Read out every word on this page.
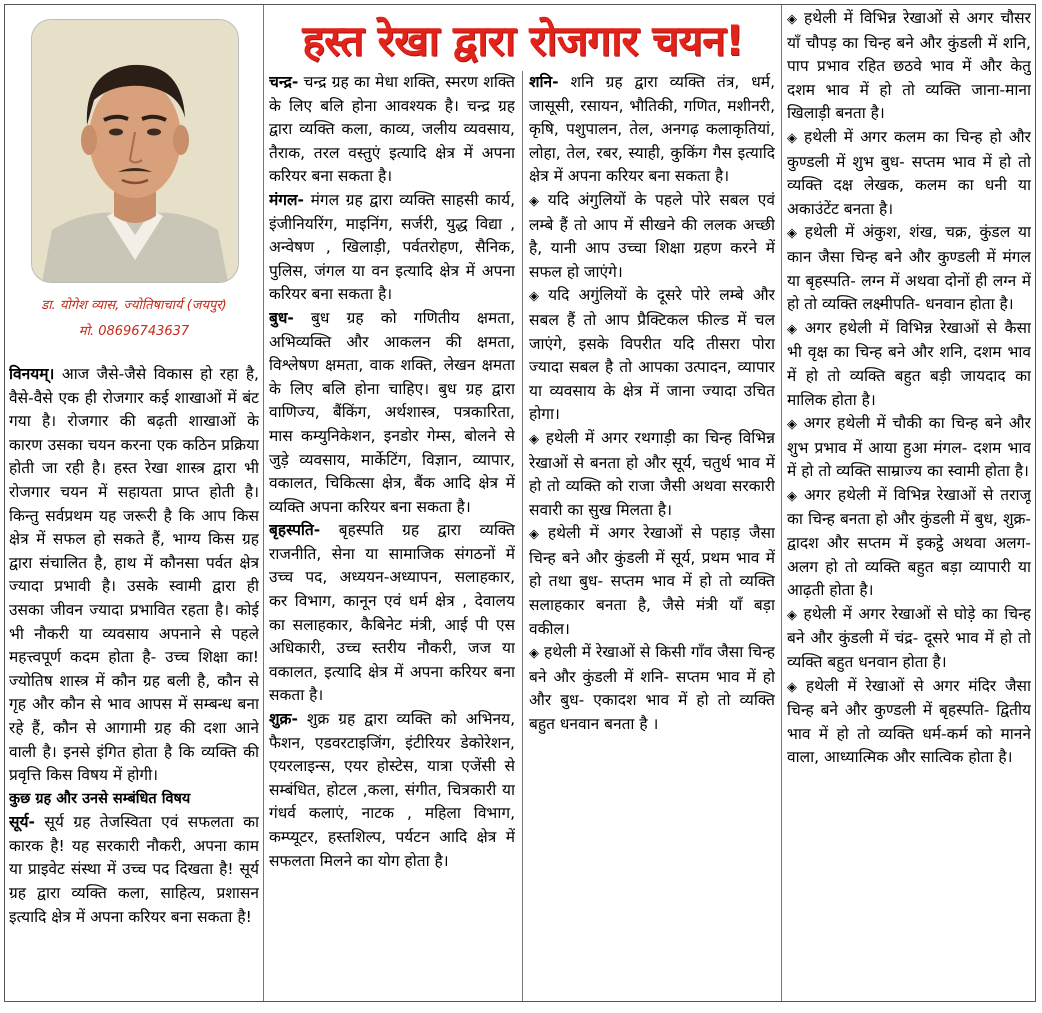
डा. योगेश व्यास, ज्योतिषाचार्य (जयपुर)
मो. 08696743637

विनयम्। आज जैसे-जैसे विकास हो रहा है, वैसे-वैसे एक ही रोजगार कई शाखाओं में बंट गया है। रोजगार की बढ़ती शाखाओं के कारण उसका चयन करना एक कठिन प्रक्रिया होती जा रही है। हस्त रेखा शास्त्र द्वारा भी रोजगार चयन में सहायता प्राप्त होती है। किन्तु सर्वप्रथम यह जरूरी है कि आप किस क्षेत्र में सफल हो सकते हैं, भाग्य किस ग्रह द्वारा संचालित है, हाथ में कौनसा पर्वत क्षेत्र ज्यादा प्रभावी है। उसके स्वामी द्वारा ही उसका जीवन ज्यादा प्रभावित रहता है। कोई भी नौकरी या व्यवसाय अपनाने से पहले महत्त्वपूर्ण कदम होता है- उच्च शिक्षा का! ज्योतिष शास्त्र में कौन ग्रह बली है, कौन से गृह और कौन से भाव आपस में सम्बन्ध बना रहे हैं, कौन से आगामी ग्रह की दशा आने वाली है। इनसे इंगित होता है कि व्यक्ति की प्रवृत्ति किस विषय में होगी।

कुछ ग्रह और उनसे सम्बंधित विषय

सूर्य- सूर्य ग्रह तेजस्विता एवं सफलता का कारक है! यह सरकारी नौकरी, अपना काम या प्राइवेट संस्था में उच्च पद दिखता है! सूर्य ग्रह द्वारा व्यक्ति कला, साहित्य, प्रशासन इत्यादि क्षेत्र में अपना करियर बना सकता है!

हस्त रेखा द्वारा रोजगार चयन!

चन्द्र- चन्द्र ग्रह का मेधा शक्ति, स्मरण शक्ति के लिए बलि होना आवश्यक है। चन्द्र ग्रह द्वारा व्यक्ति कला, काव्य, जलीय व्यवसाय, तैराक, तरल वस्तुएं इत्यादि क्षेत्र में अपना करियर बना सकता है।

मंगल- मंगल ग्रह द्वारा व्यक्ति साहसी कार्य, इंजीनियरिंग, माइनिंग, सर्जरी, युद्ध विद्या , अन्वेषण , खिलाड़ी, पर्वतरोहण, सैनिक, पुलिस, जंगल या वन इत्यादि क्षेत्र में अपना करियर बना सकता है।

बुध- बुध ग्रह को गणितीय क्षमता, अभिव्यक्ति और आकलन की क्षमता, विश्लेषण क्षमता, वाक शक्ति, लेखन क्षमता के लिए बलि होना चाहिए। बुध ग्रह द्वारा वाणिज्य, बैंकिंग, अर्थशास्त्र, पत्रकारिता, मास कम्युनिकेशन, इनडोर गेम्स, बोलने से जुड़े व्यवसाय, मार्केटिंग, विज्ञान, व्यापार, वकालत, चिकित्सा क्षेत्र, बैंक आदि क्षेत्र में व्यक्ति अपना करियर बना सकता है।

बृहस्पति- बृहस्पति ग्रह द्वारा व्यक्ति राजनीति, सेना या सामाजिक संगठनों में उच्च पद, अध्ययन-अध्यापन, सलाहकार, कर विभाग, कानून एवं धर्म क्षेत्र , देवालय का सलाहकार, कैबिनेट मंत्री, आई पी एस अधिकारी, उच्च स्तरीय नौकरी, जज या वकालत, इत्यादि क्षेत्र में अपना करियर बना सकता है।

शुक्र- शुक्र ग्रह द्वारा व्यक्ति को अभिनय, फैशन, एडवरटाइजिंग, इंटीरियर डेकोरेशन, एयरलाइन्स, एयर होस्टेस, यात्रा एजेंसी से सम्बंधित, होटल ,कला, संगीत, चित्रकारी या गंधर्व कलाएं, नाटक , महिला विभाग, कम्प्यूटर, हस्तशिल्प, पर्यटन आदि क्षेत्र में सफलता मिलने का योग होता है।

शनि- शनि ग्रह द्वारा व्यक्ति तंत्र, धर्म, जासूसी, रसायन, भौतिकी, गणित, मशीनरी, कृषि, पशुपालन, तेल, अनगढ़ कलाकृतियां, लोहा, तेल, रबर, स्याही, कुकिंग गैस इत्यादि क्षेत्र में अपना करियर बना सकता है।

◈ यदि अंगुलियों के पहले पोरे सबल एवं लम्बे हैं तो आप में सीखने की ललक अच्छी है, यानी आप उच्चा शिक्षा ग्रहण करने में सफल हो जाएंगे।

◈ यदि अगुंलियों के दूसरे पोरे लम्बे और सबल हैं तो आप प्रैक्टिकल फील्ड में चल जाएंगे, इसके विपरीत यदि तीसरा पोरा ज्यादा सबल है तो आपका उत्पादन, व्यापार या व्यवसाय के क्षेत्र में जाना ज्यादा उचित होगा।

◈ हथेली में अगर रथगाड़ी का चिन्ह विभिन्न रेखाओं से बनता हो और सूर्य, चतुर्थ भाव में हो तो व्यक्ति को राजा जैसी अथवा सरकारी सवारी का सुख मिलता है।

◈ हथेली में अगर रेखाओं से पहाड़ जैसा चिन्ह बने और कुंडली में सूर्य, प्रथम भाव में हो तथा बुध- सप्तम भाव में हो तो व्यक्ति सलाहकार बनता है, जैसे मंत्री याँ बड़ा वकील।

◈ हथेली में रेखाओं से किसी गाँव जैसा चिन्ह बने और कुंडली में शनि- सप्तम भाव में हो और बुध- एकादश भाव में हो तो व्यक्ति बहुत धनवान बनता है ।

◈ हथेली में विभिन्न रेखाओं से अगर चौसर याँ चौपड़ का चिन्ह बने और कुंडली में शनि, पाप प्रभाव रहित छठवे भाव में और केतु दशम भाव में हो तो व्यक्ति जाना-माना खिलाड़ी बनता है।

◈ हथेली में अगर कलम का चिन्ह हो और कुण्डली में शुभ बुध- सप्तम भाव में हो तो व्यक्ति दक्ष लेखक, कलम का धनी या अकाउंटेंट बनता है।

◈ हथेली में अंकुश, शंख, चक्र, कुंडल या कान जैसा चिन्ह बने और कुण्डली में मंगल या बृहस्पति- लग्न में अथवा दोनों ही लग्न में हो तो व्यक्ति लक्ष्मीपति- धनवान होता है।

◈ अगर हथेली में विभिन्न रेखाओं से कैसा भी वृक्ष का चिन्ह बने और शनि, दशम भाव में हो तो व्यक्ति बहुत बड़ी जायदाद का मालिक होता है।

◈ अगर हथेली में चौकी का चिन्ह बने और शुभ प्रभाव में आया हुआ मंगल- दशम भाव में हो तो व्यक्ति साम्राज्य का स्वामी होता है।

◈ अगर हथेली में विभिन्न रेखाओं से तराजू का चिन्ह बनता हो और कुंडली में बुध, शुक्र- द्वादश और सप्तम में इकट्ठे अथवा अलग-अलग हो तो व्यक्ति बहुत बड़ा व्यापारी या आढ़ती होता है।

◈ हथेली में अगर रेखाओं से घोड़े का चिन्ह बने और कुंडली में चंद्र- दूसरे भाव में हो तो व्यक्ति बहुत धनवान होता है।

◈ हथेली में रेखाओं से अगर मंदिर जैसा चिन्ह बने और कुण्डली में बृहस्पति- द्वितीय भाव में हो तो व्यक्ति धर्म-कर्म को मानने वाला, आध्यात्मिक और सात्विक होता है।
